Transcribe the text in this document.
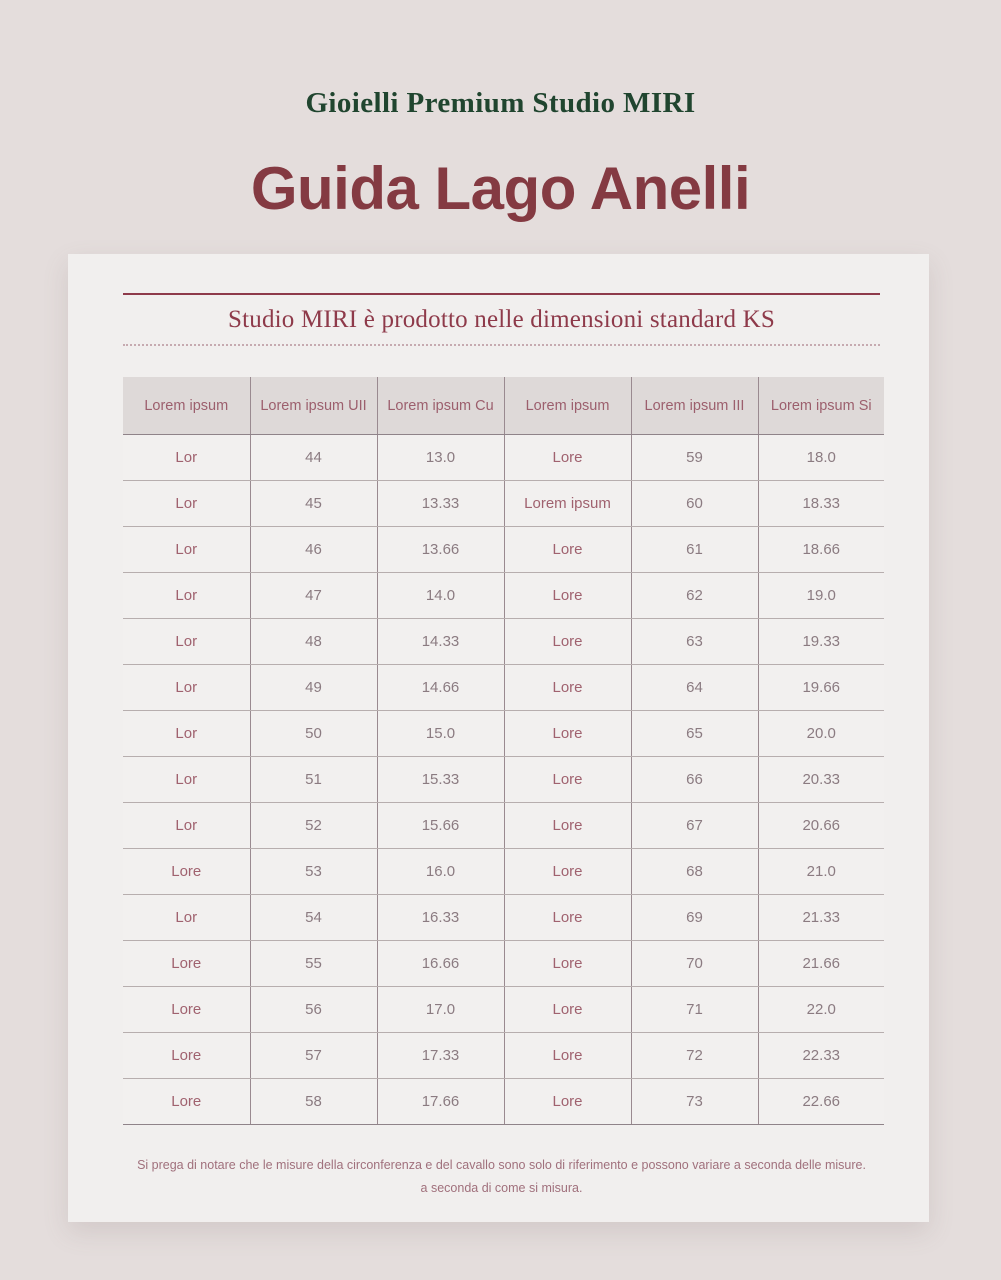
Gioielli Premium Studio MIRI
Guida Lago Anelli
Studio MIRI è prodotto nelle dimensioni standard KS
Lorem ipsum	Lorem ipsum UII	Lorem ipsum Cu	Lorem ipsum	Lorem ipsum III	Lorem ipsum Si
Lor	44	13.0	Lore	59	18.0
Lor	45	13.33	Lorem ipsum	60	18.33
Lor	46	13.66	Lore	61	18.66
Lor	47	14.0	Lore	62	19.0
Lor	48	14.33	Lore	63	19.33
Lor	49	14.66	Lore	64	19.66
Lor	50	15.0	Lore	65	20.0
Lor	51	15.33	Lore	66	20.33
Lor	52	15.66	Lore	67	20.66
Lore	53	16.0	Lore	68	21.0
Lor	54	16.33	Lore	69	21.33
Lore	55	16.66	Lore	70	21.66
Lore	56	17.0	Lore	71	22.0
Lore	57	17.33	Lore	72	22.33
Lore	58	17.66	Lore	73	22.66
Si prega di notare che le misure della circonferenza e del cavallo sono solo di riferimento e possono variare a seconda delle misure.
a seconda di come si misura.
